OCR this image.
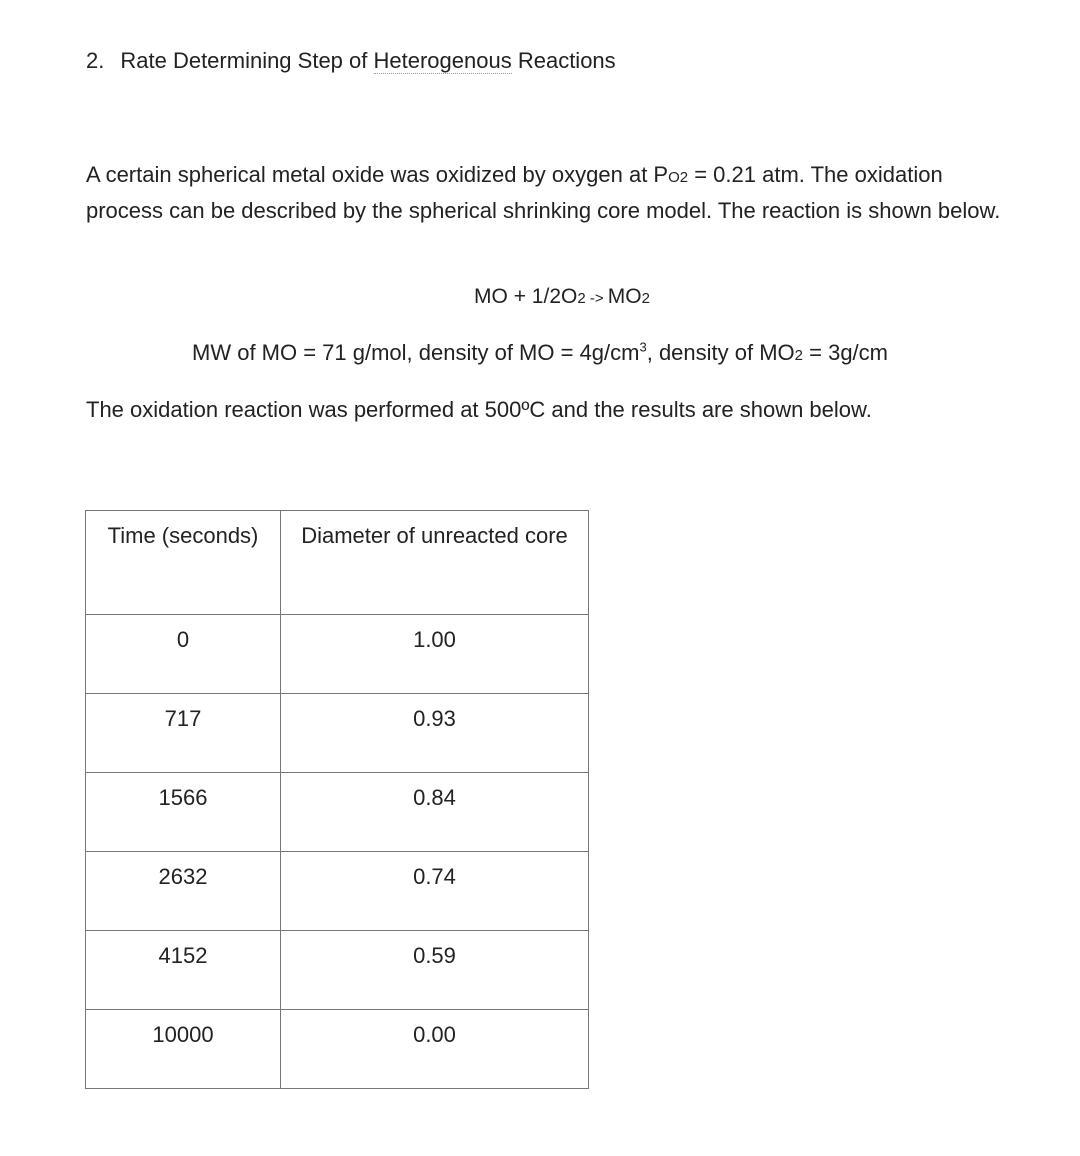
2. Rate Determining Step of Heterogenous Reactions
A certain spherical metal oxide was oxidized by oxygen at PO2 = 0.21 atm. The oxidation process can be described by the spherical shrinking core model. The reaction is shown below.
MO + 1/2O2 -> MO2
MW of MO = 71 g/mol, density of MO = $4g/cm^3$, density of MO2 = 3g/cm
The oxidation reaction was performed at 500ºC and the results are shown below.
Time (seconds)	Diameter of unreacted core
0	1.00
717	0.93
1566	0.84
2632	0.74
4152	0.59
10000	0.00
